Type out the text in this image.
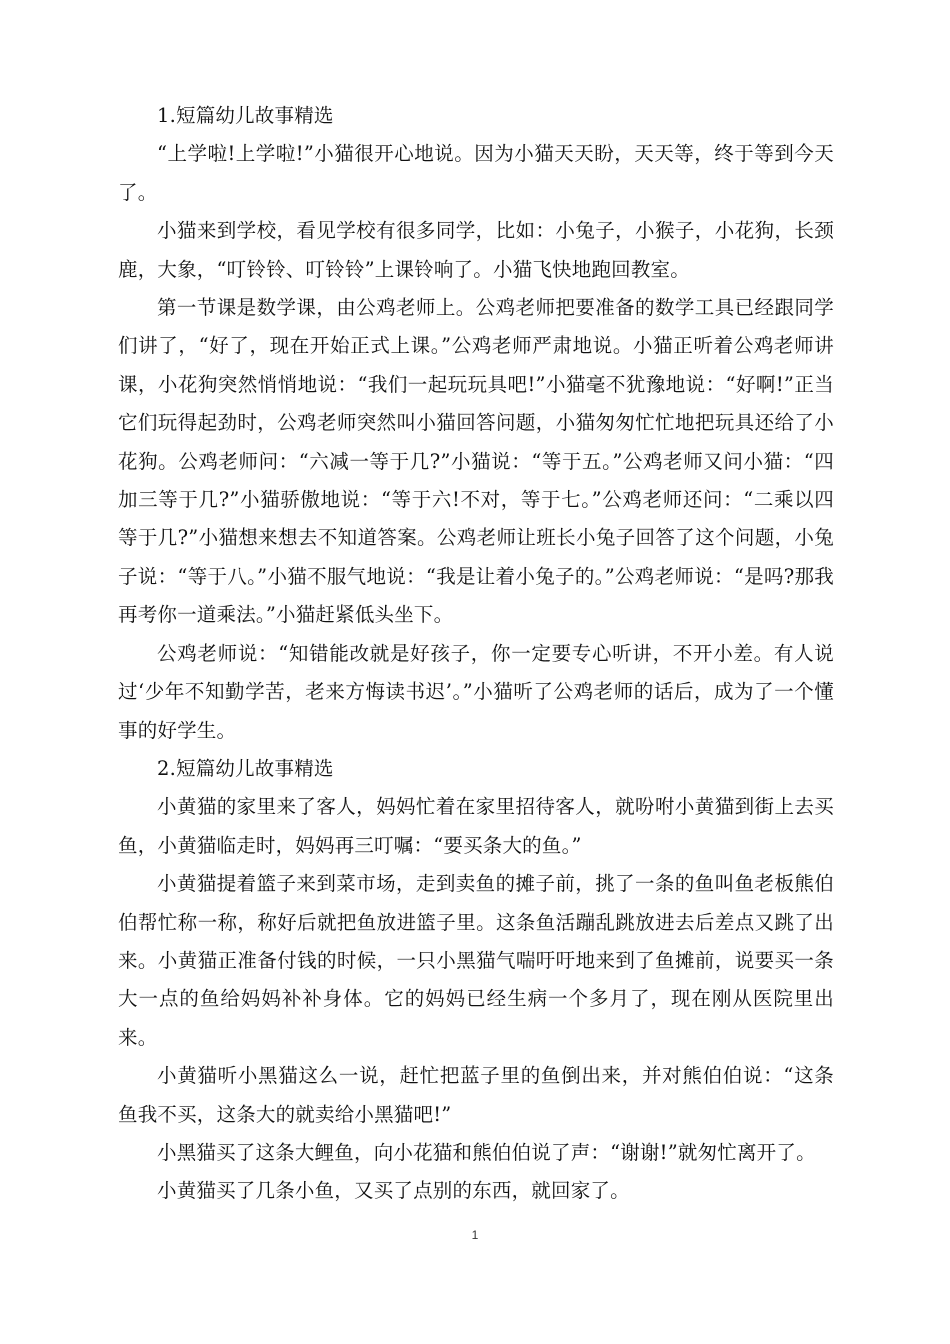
1.短篇幼儿故事精选

“上学啦!上学啦!”小猫很开心地说。因为小猫天天盼，天天等，终于等到今天了。

小猫来到学校，看见学校有很多同学，比如：小兔子，小猴子，小花狗，长颈鹿，大象，“叮铃铃、叮铃铃”上课铃响了。小猫飞快地跑回教室。

第一节课是数学课，由公鸡老师上。公鸡老师把要准备的数学工具已经跟同学们讲了，“好了，现在开始正式上课。”公鸡老师严肃地说。小猫正听着公鸡老师讲课，小花狗突然悄悄地说：“我们一起玩玩具吧!”小猫毫不犹豫地说：“好啊!”正当它们玩得起劲时，公鸡老师突然叫小猫回答问题，小猫匆匆忙忙地把玩具还给了小花狗。公鸡老师问：“六减一等于几?”小猫说：“等于五。”公鸡老师又问小猫：“四加三等于几?”小猫骄傲地说：“等于六!不对，等于七。”公鸡老师还问：“二乘以四等于几?”小猫想来想去不知道答案。公鸡老师让班长小兔子回答了这个问题，小兔子说：“等于八。”小猫不服气地说：“我是让着小兔子的。”公鸡老师说：“是吗?那我再考你一道乘法。”小猫赶紧低头坐下。

公鸡老师说：“知错能改就是好孩子，你一定要专心听讲，不开小差。有人说过‘少年不知勤学苦，老来方悔读书迟’。”小猫听了公鸡老师的话后，成为了一个懂事的好学生。

2.短篇幼儿故事精选

小黄猫的家里来了客人，妈妈忙着在家里招待客人，就吩咐小黄猫到街上去买鱼，小黄猫临走时，妈妈再三叮嘱：“要买条大的鱼。”

小黄猫提着篮子来到菜市场，走到卖鱼的摊子前，挑了一条的鱼叫鱼老板熊伯伯帮忙称一称，称好后就把鱼放进篮子里。这条鱼活蹦乱跳放进去后差点又跳了出来。小黄猫正准备付钱的时候，一只小黑猫气喘吁吁地来到了鱼摊前，说要买一条大一点的鱼给妈妈补补身体。它的妈妈已经生病一个多月了，现在刚从医院里出来。

小黄猫听小黑猫这么一说，赶忙把蓝子里的鱼倒出来，并对熊伯伯说：“这条鱼我不买，这条大的就卖给小黑猫吧!”

小黑猫买了这条大鲤鱼，向小花猫和熊伯伯说了声：“谢谢!”就匆忙离开了。

小黄猫买了几条小鱼，又买了点别的东西，就回家了。

1
